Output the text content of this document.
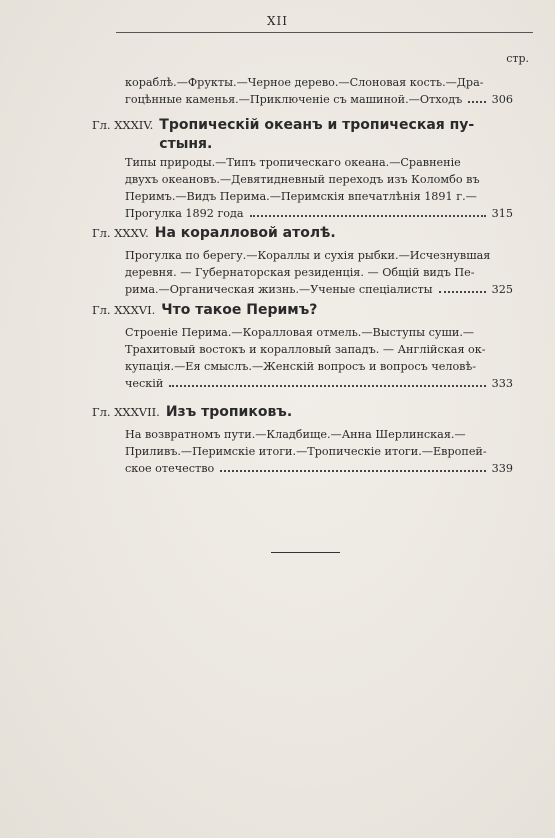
XII
стр.
кораблѣ.—Фрукты.—Черное дерево.—Слоновая кость.—Дра-
гоцѣнные каменья.—Приключеніе съ машиной.—Отходъ	306
Гл. XXXIV. Тропическій океанъ и тропическая пу-
стыня.
Типы природы.—Типъ тропическаго океана.—Сравненіе
двухъ океановъ.—Девятидневный переходъ изъ Коломбо въ
Перимъ.—Видъ Перима.—Перимскія впечатлѣнія 1891 г.—
Прогулка 1892 года	315
Гл. XXXV. На коралловой атолѣ.
Прогулка по берегу.—Кораллы и сухія рыбки.—Исчезнувшая
деревня. — Губернаторская резиденція. — Общій видъ Пе-
рима.—Органическая жизнь.—Ученые спеціалисты	325
Гл. XXXVI. Что такое Перимъ?
Строеніе Перима.—Коралловая отмель.—Выступы суши.—
Трахитовый востокъ и коралловый западъ. — Англійская ок-
купація.—Ея смыслъ.—Женскій вопросъ и вопросъ человѣ-
ческій	333
Гл. XXXVII. Изъ тропиковъ.
На возвратномъ пути.—Кладбище.—Анна Шерлинская.—
Приливъ.—Перимскіе итоги.—Тропическіе итоги.—Европей-
ское отечество	339
